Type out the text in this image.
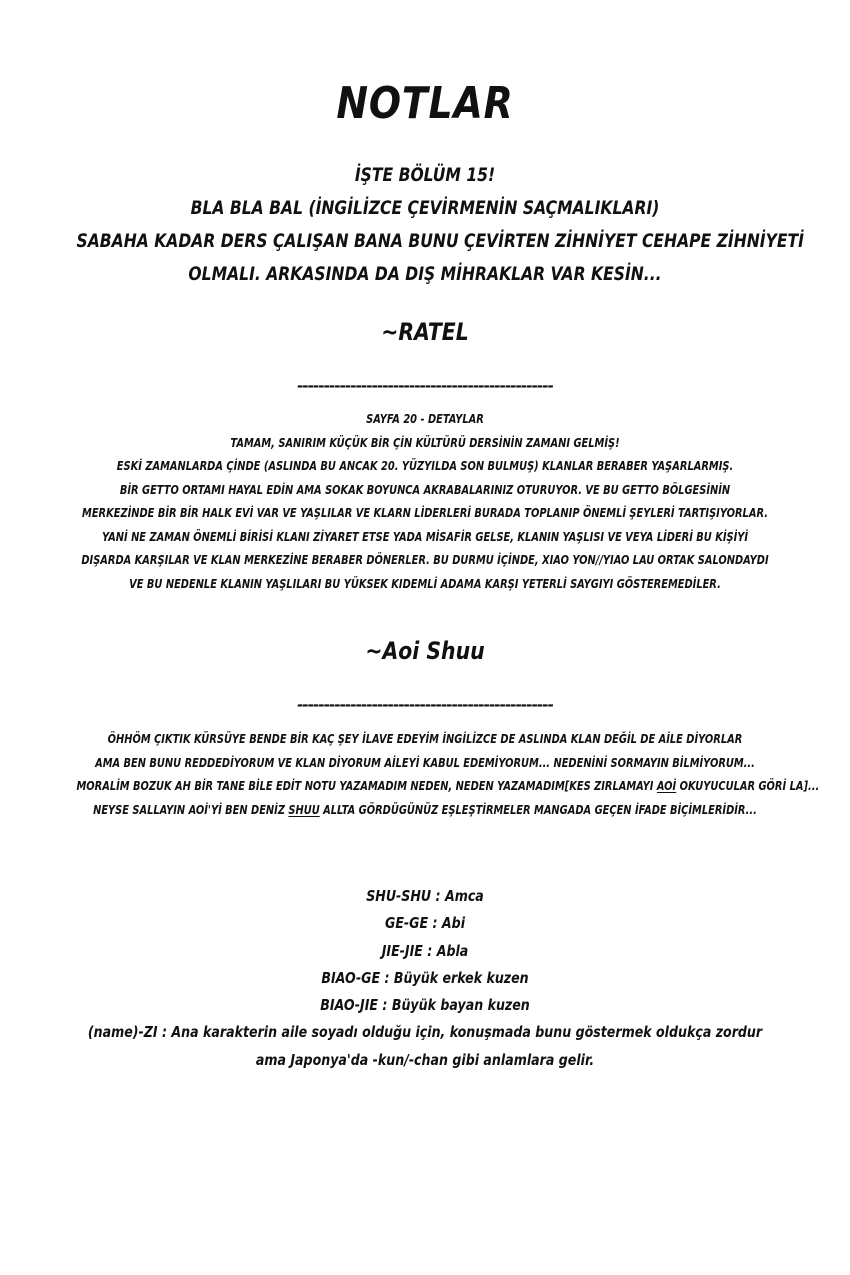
NOTLAR
İŞTE BÖLÜM 15!
BLA BLA BAL (İNGİLİZCE ÇEVİRMENİN SAÇMALIKLARI)
SABAHA KADAR DERS ÇALIŞAN BANA BUNU ÇEVİRTEN ZİHNİYET CEHAPE ZİHNİYETİ
OLMALI. ARKASINDA DA DIŞ MİHRAKLAR VAR KESİN...
~RATEL
------------------------------------------------
SAYFA 20 - DETAYLAR
TAMAM, SANIRIM KÜÇÜK BİR ÇİN KÜLTÜRÜ DERSİNİN ZAMANI GELMİŞ!
ESKİ ZAMANLARDA ÇİNDE (ASLINDA BU ANCAK 20. YÜZYILDA SON BULMUŞ) KLANLAR BERABER YAŞARLARMIŞ.
BİR GETTO ORTAMI HAYAL EDİN AMA SOKAK BOYUNCA AKRABALARINIZ OTURUYOR. VE BU GETTO BÖLGESİNİN
MERKEZİNDE BİR BİR HALK EVİ VAR VE YAŞLILAR VE KLARN LİDERLERİ BURADA TOPLANIP ÖNEMLİ ŞEYLERİ TARTIŞIYORLAR.
YANİ NE ZAMAN ÖNEMLİ BİRİSİ KLANI ZİYARET ETSE YADA MİSAFİR GELSE, KLANIN YAŞLISI VE VEYA LİDERİ BU KİŞİYİ
DIŞARDA KARŞILAR VE KLAN MERKEZİNE BERABER DÖNERLER. BU DURMU İÇİNDE, XIAO YON//YIAO LAU ORTAK SALONDAYDI
VE BU NEDENLE KLANIN YAŞLILARI BU YÜKSEK KIDEMLİ ADAMA KARŞI YETERLİ SAYGIYI GÖSTEREMEDİLER.
~Aoi Shuu
------------------------------------------------
ÖHHÖM ÇIKTIK KÜRSÜYE BENDE BİR KAÇ ŞEY İLAVE EDEYİM İNGİLİZCE DE ASLINDA KLAN DEĞİL DE AİLE DİYORLAR
AMA BEN BUNU REDDEDİYORUM VE KLAN DİYORUM AİLEYİ KABUL EDEMİYORUM... NEDENİNİ SORMAYIN BİLMİYORUM...
MORALİM BOZUK AH BİR TANE BİLE EDİT NOTU YAZAMADIM NEDEN, NEDEN YAZAMADIM[KES ZIRLAMAYI AOİ OKUYUCULAR GÖRİ LA]...
NEYSE SALLAYIN AOİ'Yİ BEN DENİZ SHUU ALLTA GÖRDÜGÜNÜZ EŞLEŞTİRMELER MANGADA GEÇEN İFADE BİÇİMLERİDİR...
SHU-SHU : Amca
GE-GE : Abi
JIE-JIE : Abla
BIAO-GE : Büyük erkek kuzen
BIAO-JIE : Büyük bayan kuzen
(name)-ZI : Ana karakterin aile soyadı olduğu için, konuşmada bunu göstermek oldukça zordur
ama Japonya'da -kun/-chan gibi anlamlara gelir.
